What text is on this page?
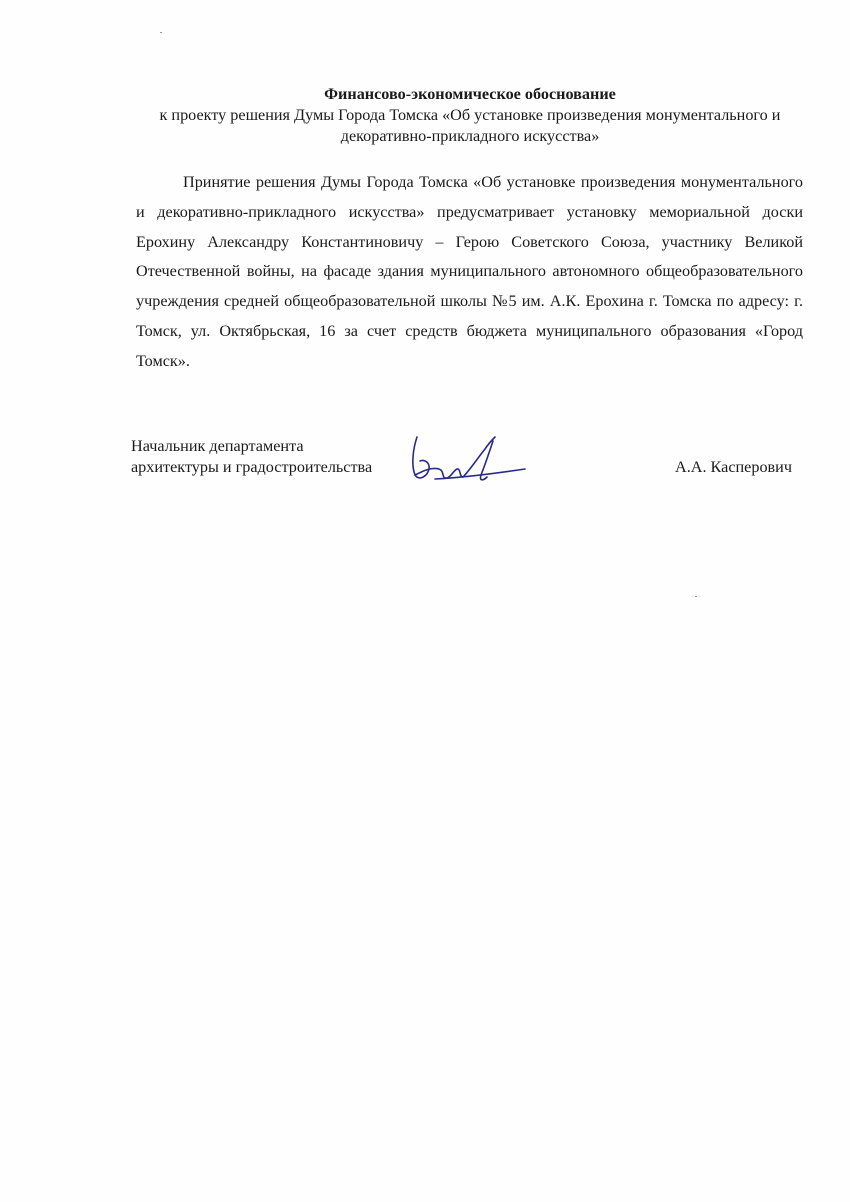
Финансово-экономическое обоснование
к проекту решения Думы Города Томска «Об установке произведения монументального и
декоративно-прикладного искусства»

Принятие решения Думы Города Томска «Об установке произведения монументального и декоративно-прикладного искусства» предусматривает установку мемориальной доски Ерохину Александру Константиновичу – Герою Советского Союза, участнику Великой Отечественной войны, на фасаде здания муниципального автономного общеобразовательного учреждения средней общеобразовательной школы №5 им. А.К. Ерохина г. Томска по адресу: г. Томск, ул. Октябрьская, 16 за счет средств бюджета муниципального образования «Город Томск».

Начальник департамента
архитектуры и градостроительства	А.А. Касперович
